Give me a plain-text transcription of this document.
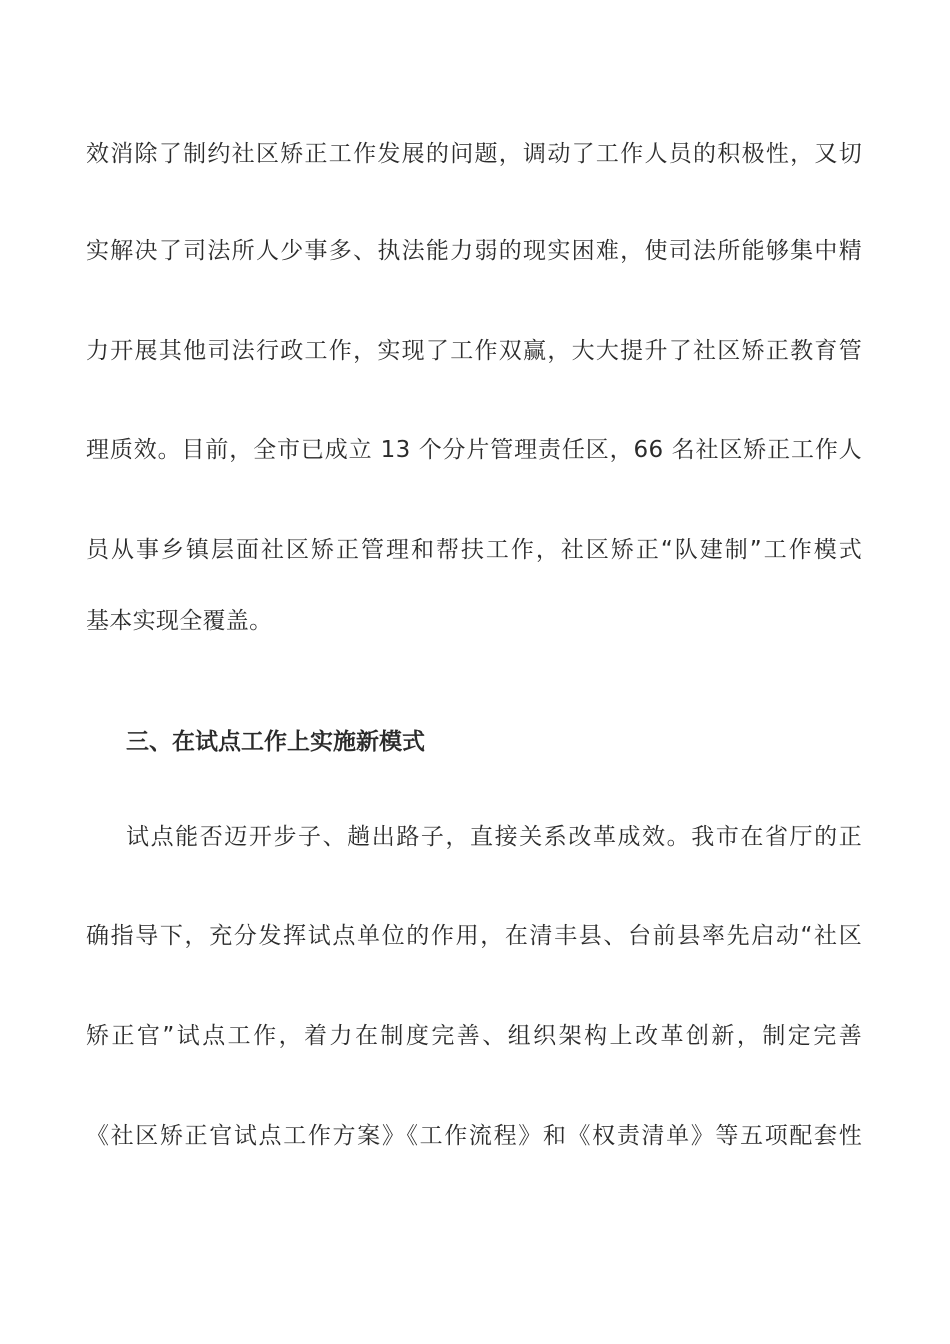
效消除了制约社区矫正工作发展的问题，调动了工作人员的积极性，又切
实解决了司法所人少事多、执法能力弱的现实困难，使司法所能够集中精
力开展其他司法行政工作，实现了工作双赢，大大提升了社区矫正教育管
理质效。目前，全市已成立 13 个分片管理责任区，66 名社区矫正工作人
员从事乡镇层面社区矫正管理和帮扶工作，社区矫正“队建制”工作模式
基本实现全覆盖。
三、在试点工作上实施新模式
试点能否迈开步子、趟出路子，直接关系改革成效。我市在省厅的正
确指导下，充分发挥试点单位的作用，在清丰县、台前县率先启动“社区
矫正官”试点工作，着力在制度完善、组织架构上改革创新，制定完善
《社区矫正官试点工作方案》《工作流程》和《权责清单》等五项配套性
